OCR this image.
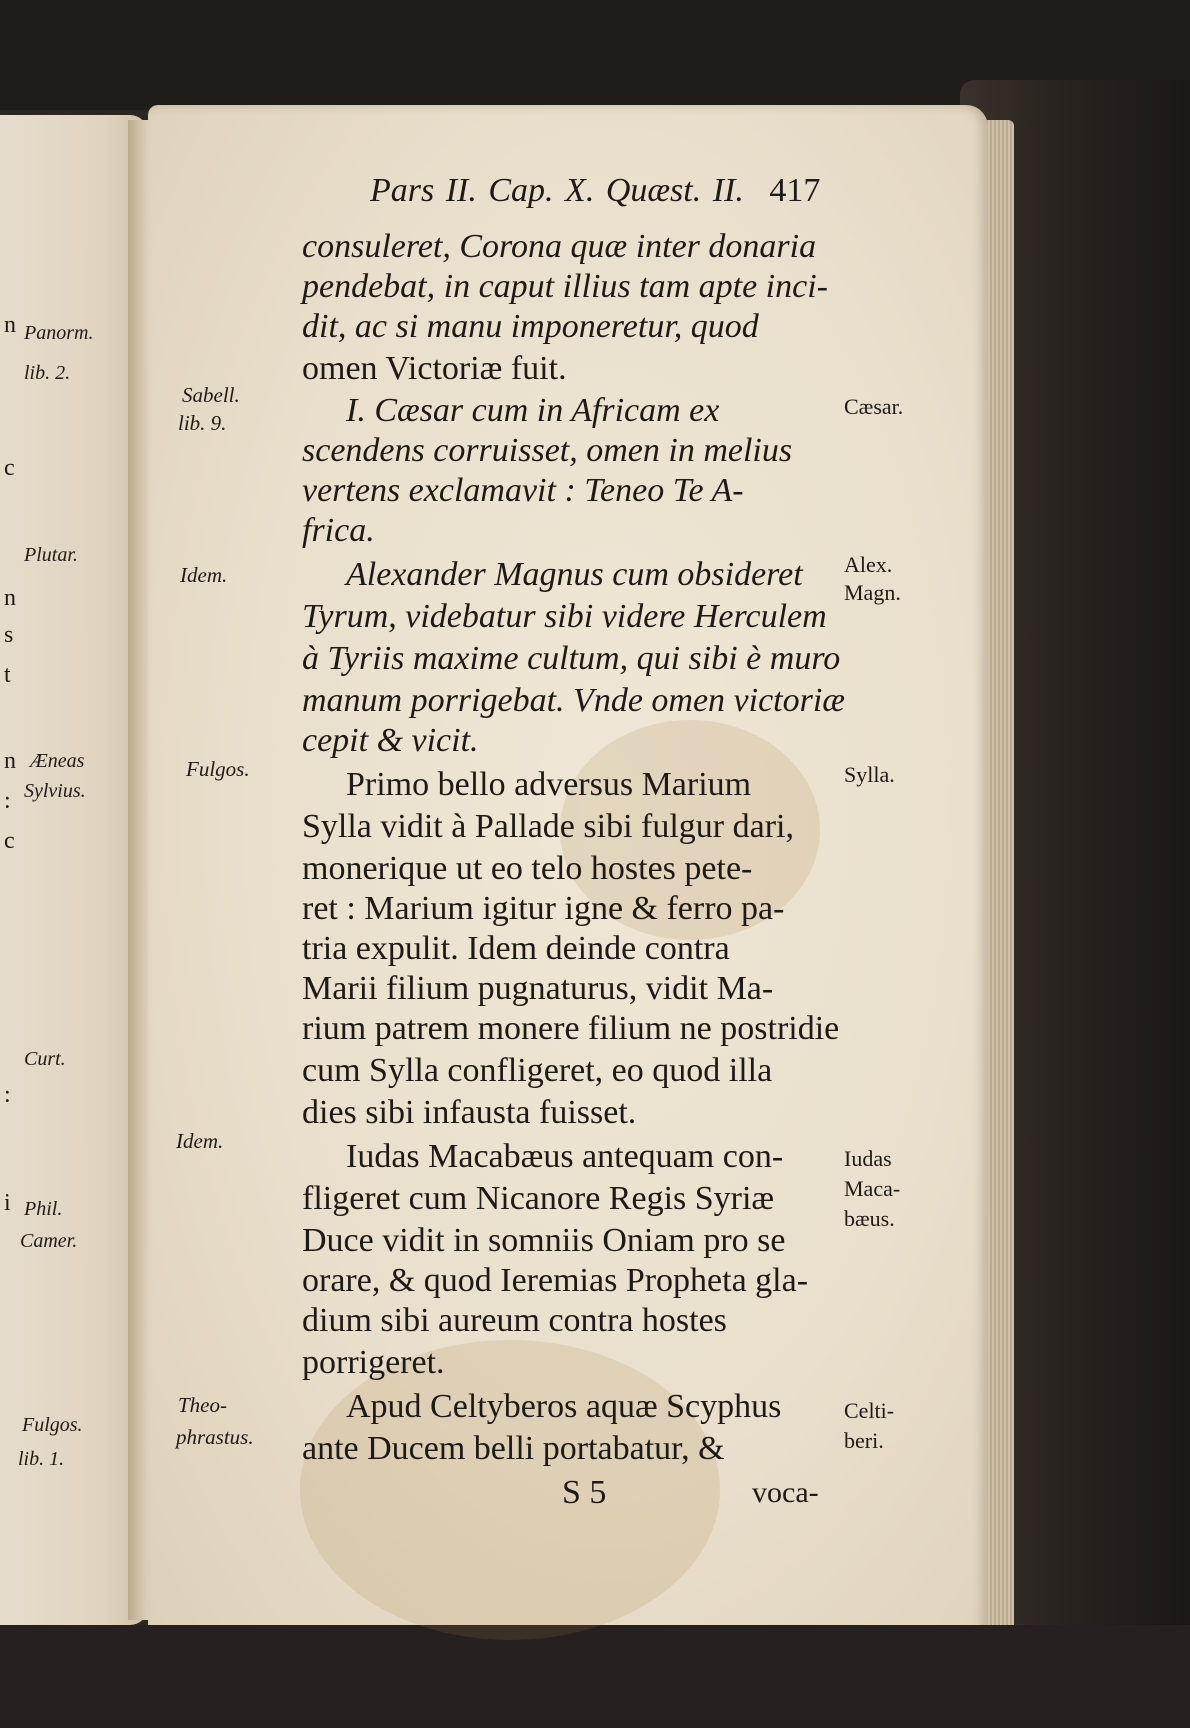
n
c
n
s
t
n
:
c
:
i
Panorm.
lib. 2.
Plutar.
Æneas
Sylvius.
Curt.
Phil.
Camer.
Fulgos.
lib. 1.
Pars II. Cap. X. Quæst. II. 417
consuleret, Corona quæ inter donaria
pendebat, in caput illius tam apte inci-
dit, ac si manu imponeretur, quod
omen Victoriæ fuit.
I. Cæsar cum in Africam ex
scendens corruisset, omen in melius
vertens exclamavit : Teneo Te A-
frica.
Alexander Magnus cum obsideret
Tyrum, videbatur sibi videre Herculem
à Tyriis maxime cultum, qui sibi è muro
manum porrigebat. Vnde omen victoriæ
cepit & vicit.
Primo bello adversus Marium
Sylla vidit à Pallade sibi fulgur dari,
monerique ut eo telo hostes pete-
ret : Marium igitur igne & ferro pa-
tria expulit. Idem deinde contra
Marii filium pugnaturus, vidit Ma-
rium patrem monere filium ne postridie
cum Sylla confligeret, eo quod illa
dies sibi infausta fuisset.
Iudas Macabæus antequam con-
fligeret cum Nicanore Regis Syriæ
Duce vidit in somniis Oniam pro se
orare, & quod Ieremias Propheta gla-
dium sibi aureum contra hostes
porrigeret.
Apud Celtyberos aquæ Scyphus
ante Ducem belli portabatur, &
Sabell.
lib. 9.
Idem.
Fulgos.
Idem.
Theo-
phrastus.
Cæsar.
Alex.
Magn.
Sylla.
Iudas
Maca-
bæus.
Celti-
beri.
S 5	voca-
